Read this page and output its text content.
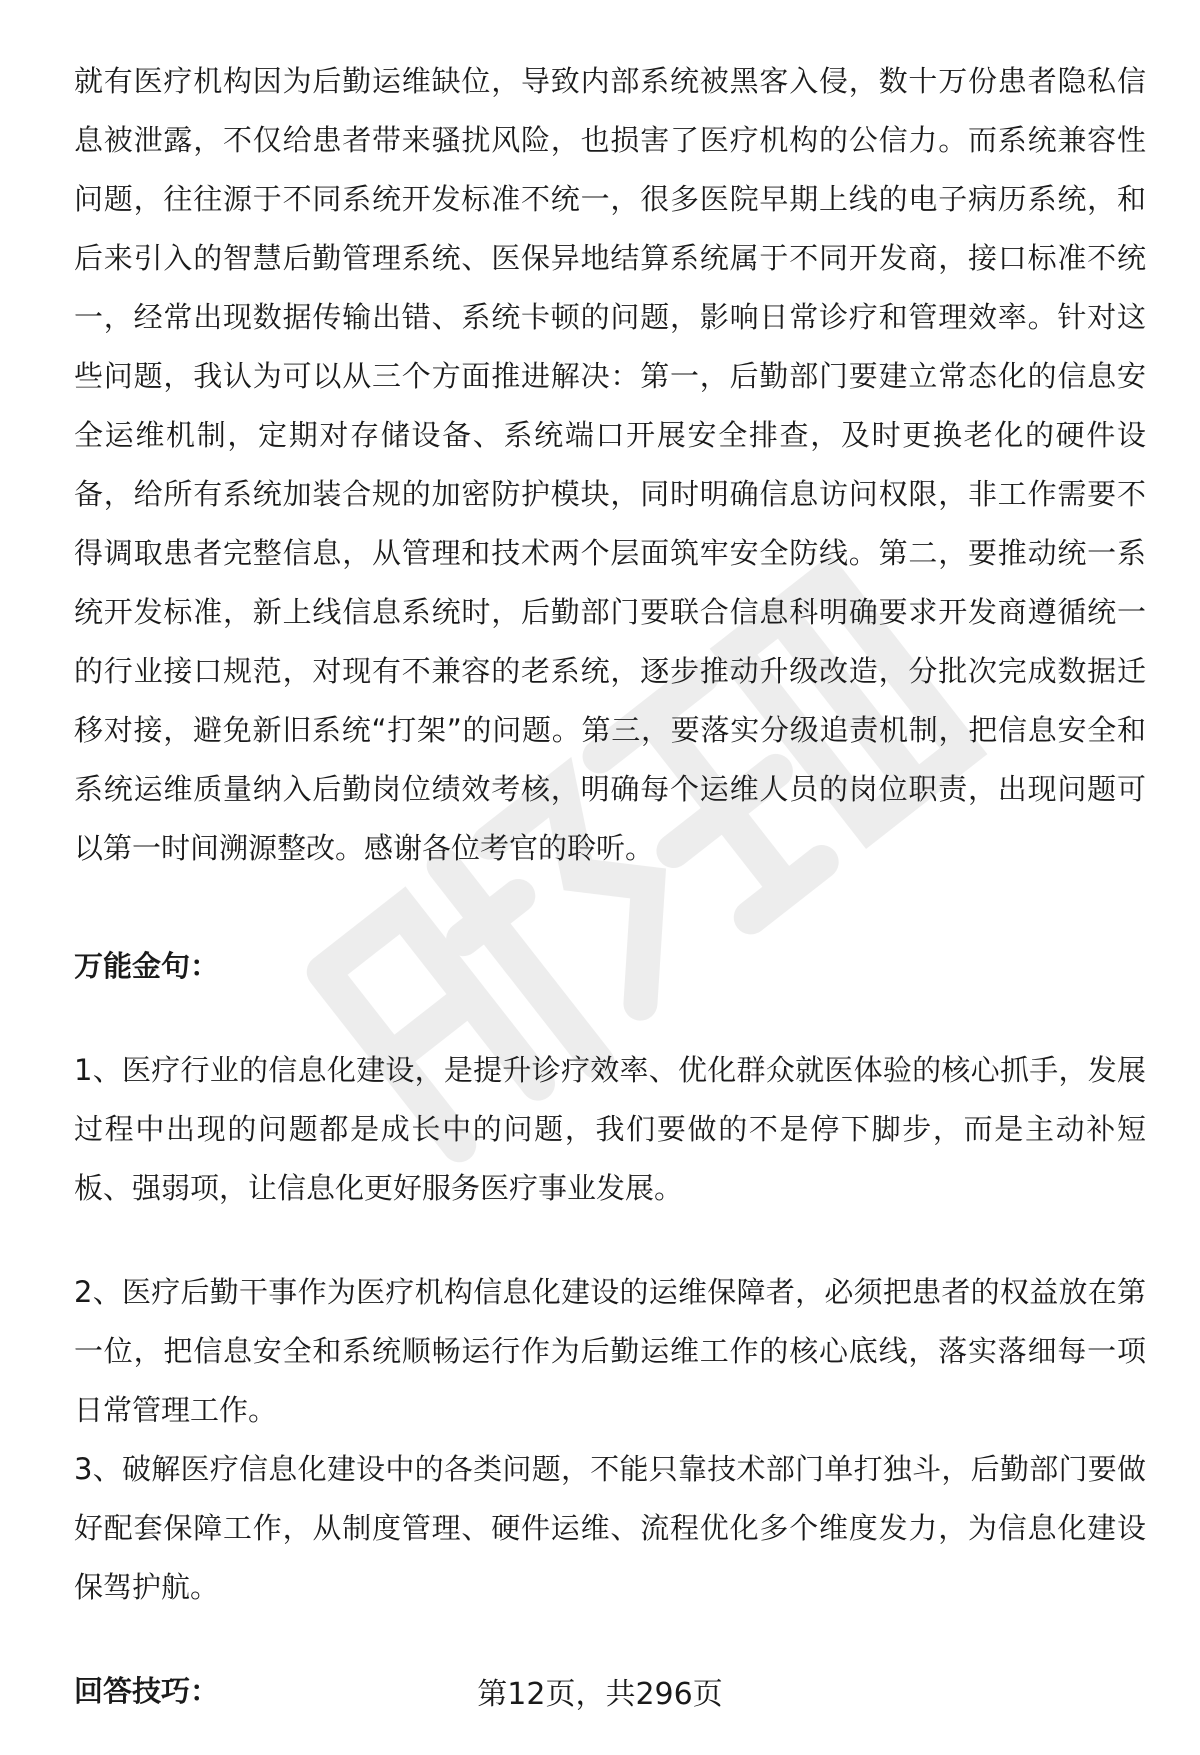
就有医疗机构因为后勤运维缺位，导致内部系统被黑客入侵，数十万份患者隐私信息被泄露，不仅给患者带来骚扰风险，也损害了医疗机构的公信力。而系统兼容性问题，往往源于不同系统开发标准不统一，很多医院早期上线的电子病历系统，和后来引入的智慧后勤管理系统、医保异地结算系统属于不同开发商，接口标准不统一，经常出现数据传输出错、系统卡顿的问题，影响日常诊疗和管理效率。针对这些问题，我认为可以从三个方面推进解决：第一，后勤部门要建立常态化的信息安全运维机制，定期对存储设备、系统端口开展安全排查，及时更换老化的硬件设备，给所有系统加装合规的加密防护模块，同时明确信息访问权限，非工作需要不得调取患者完整信息，从管理和技术两个层面筑牢安全防线。第二，要推动统一系统开发标准，新上线信息系统时，后勤部门要联合信息科明确要求开发商遵循统一的行业接口规范，对现有不兼容的老系统，逐步推动升级改造，分批次完成数据迁移对接，避免新旧系统“打架”的问题。第三，要落实分级追责机制，把信息安全和系统运维质量纳入后勤岗位绩效考核，明确每个运维人员的岗位职责，出现问题可以第一时间溯源整改。感谢各位考官的聆听。

万能金句：

1、医疗行业的信息化建设，是提升诊疗效率、优化群众就医体验的核心抓手，发展过程中出现的问题都是成长中的问题，我们要做的不是停下脚步，而是主动补短板、强弱项，让信息化更好服务医疗事业发展。

2、医疗后勤干事作为医疗机构信息化建设的运维保障者，必须把患者的权益放在第一位，把信息安全和系统顺畅运行作为后勤运维工作的核心底线，落实落细每一项日常管理工作。

3、破解医疗信息化建设中的各类问题，不能只靠技术部门单打独斗，后勤部门要做好配套保障工作，从制度管理、硬件运维、流程优化多个维度发力，为信息化建设保驾护航。

回答技巧：	第12页，共296页
